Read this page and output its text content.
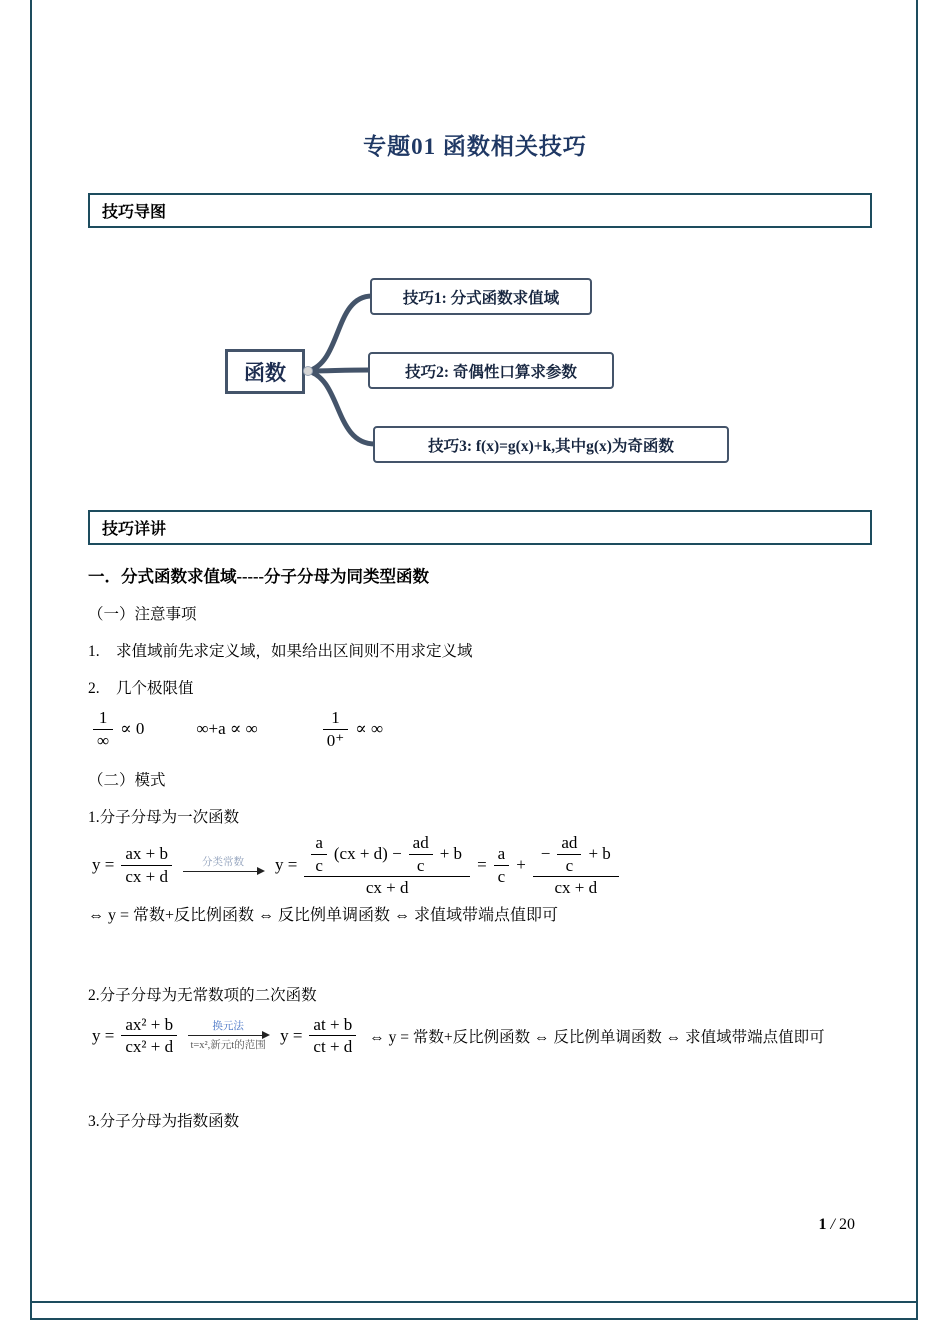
专题01 函数相关技巧
技巧导图
函数
技巧1: 分式函数求值域
技巧2: 奇偶性口算求参数
技巧3: f(x)=g(x)+k,其中g(x)为奇函数
技巧详讲

一．分式函数求值域-----分子分母为同类型函数

（一）注意事项

1. 求值域前先求定义域，如果给出区间则不用求定义域

2. 几个极限值

$\frac{1}{\infty} \propto 0$	∞+a ∝ ∞	$\frac{1}{0^+}$ ∝ ∞

（二）模式

1.分子分母为一次函数

$y = \frac{ax + b}{cx + d}$	分类常数 $y = \frac{a}{c} (cx + d) - \frac{ad}{c} + b$
cx + d
= $\frac{a}{c}$ +
− $\frac{ad}{c} + b$
cx + d

⇔ y = 常数+反比例函数 ⇔ 反比例单调函数 ⇔ 求值域带端点值即可

2.分子分母为无常数项的二次函数

$y = \frac{\text{ax² + b}}{\text{cx² + d}}$	换元法
t=x²,新元t的范围
$y = \frac{at + b}{ct + d}$ ⇔ y = 常数+反比例函数 ⇔ 反比例单调函数 ⇔ 求值域带端点值即可

3.分子分母为指数函数

1 / 20
